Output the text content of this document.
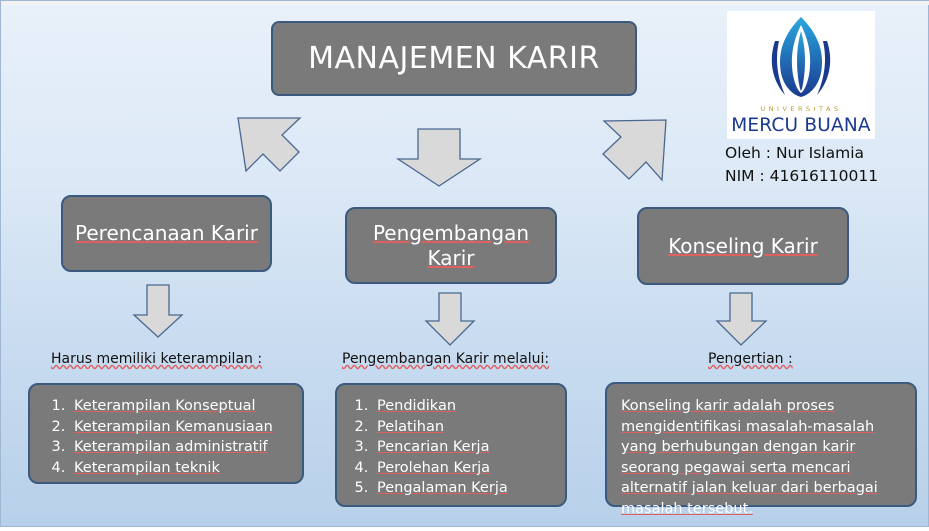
MANAJEMEN KARIR
Perencanaan Karir	Pengembangan
Karir	Konseling Karir
Harus memiliki keterampilan :	Pengembangan Karir melalui:	Pengertian :
1. Keterampilan Konseptual
2. Keterampilan Kemanusiaan
3. Keterampilan administratif
4. Keterampilan teknik
1. Pendidikan
2. Pelatihan
3. Pencarian Kerja
4. Perolehan Kerja
5. Pengalaman Kerja
Konseling karir adalah proses mengidentifikasi masalah-masalah yang berhubungan dengan karir seorang pegawai serta mencari alternatif jalan keluar dari berbagai masalah tersebut.
UNIVERSITAS
MERCU BUANA
Oleh : Nur Islamia
NIM : 41616110011
